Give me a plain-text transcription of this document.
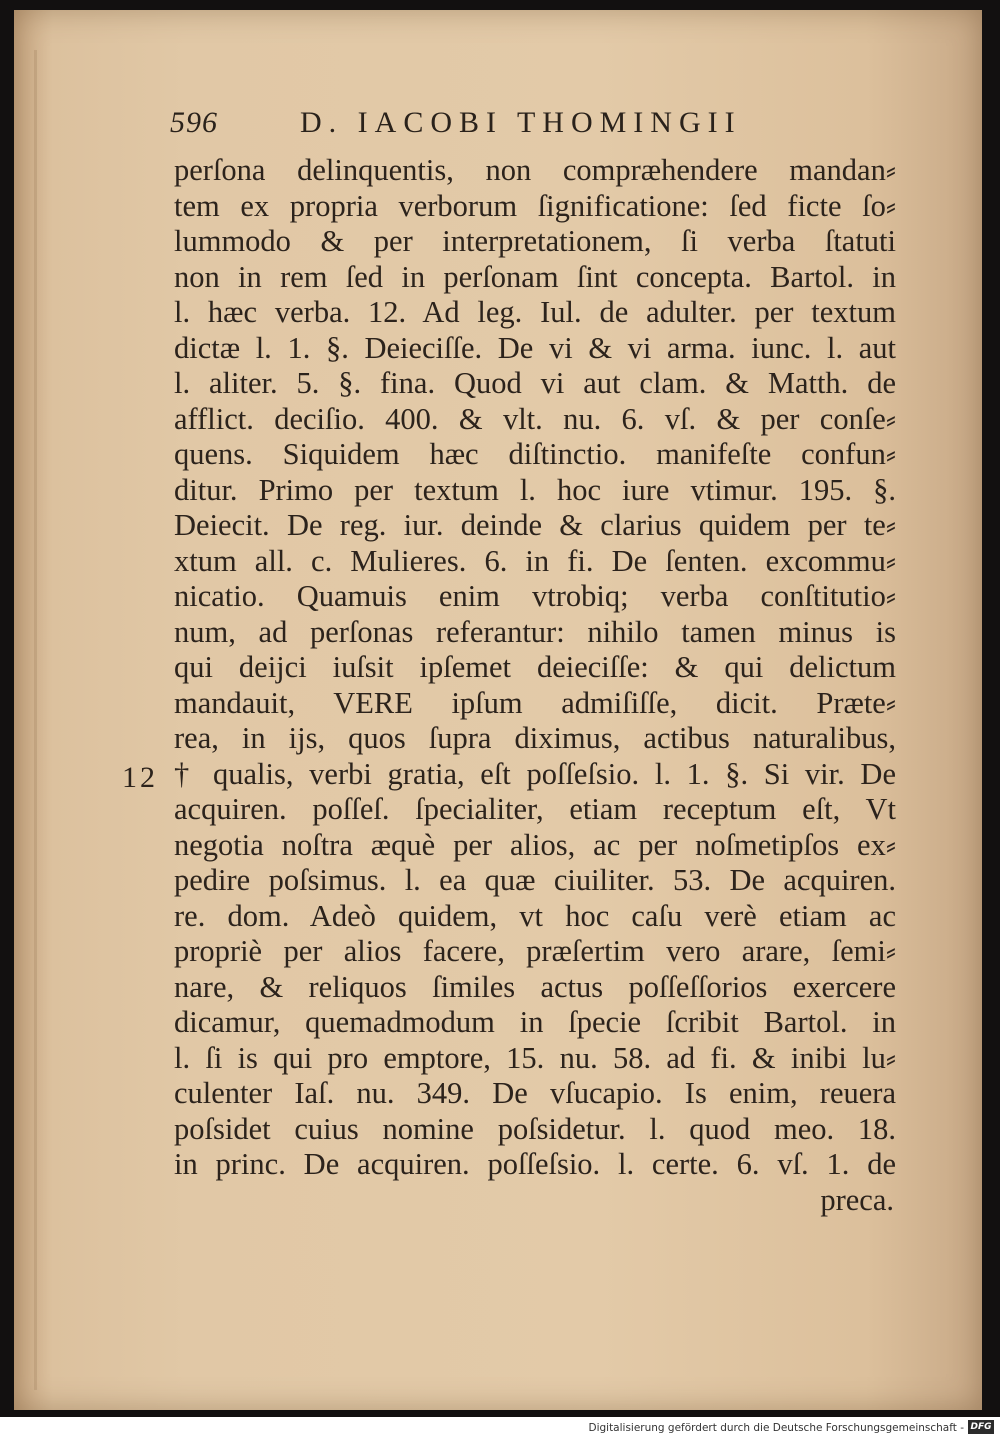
596	D. IACOBI THOMINGII
12
perſona delinquentis, non compræhendere mandan⸗
tem ex propria verborum ſignificatione: ſed ficte ſo⸗
lummodo & per interpretationem, ſi verba ſtatuti
non in rem ſed in perſonam ſint concepta. Bartol. in
l. hæc verba. 12. Ad leg. Iul. de adulter. per textum
dictæ l. 1. §. Deieciſſe. De vi & vi arma. iunc. l. aut
l. aliter. 5. §. fina. Quod vi aut clam. & Matth. de
afflict. deciſio. 400. & vlt. nu. 6. vſ. & per conſe⸗
quens. Siquidem hæc diſtinctio. manifeſte confun⸗
ditur. Primo per textum l. hoc iure vtimur. 195. §.
Deiecit. De reg. iur. deinde & clarius quidem per te⸗
xtum all. c. Mulieres. 6. in fi. De ſenten. excommu⸗
nicatio. Quamuis enim vtrobiq; verba conſtitutio⸗
num, ad perſonas referantur: nihilo tamen minus is
qui deijci iuſsit ipſemet deieciſſe: & qui delictum
mandauit, VERE ipſum admiſiſſe, dicit. Præte⸗
rea, in ijs, quos ſupra diximus, actibus naturalibus,
† qualis, verbi gratia, eſt poſſeſsio. l. 1. §. Si vir. De
acquiren. poſſeſ. ſpecialiter, etiam receptum eſt, Vt
negotia noſtra æquè per alios, ac per noſmetipſos ex⸗
pedire poſsimus. l. ea quæ ciuiliter. 53. De acquiren.
re. dom. Adeò quidem, vt hoc caſu verè etiam ac
propriè per alios facere, præſertim vero arare, ſemi⸗
nare, & reliquos ſimiles actus poſſeſſorios exercere
dicamur, quemadmodum in ſpecie ſcribit Bartol. in
l. ſi is qui pro emptore, 15. nu. 58. ad fi. & inibi lu⸗
culenter Iaſ. nu. 349. De vſucapio. Is enim, reuera
poſsidet cuius nomine poſsidetur. l. quod meo. 18.
in princ. De acquiren. poſſeſsio. l. certe. 6. vſ. 1. de
preca.
Digitalisierung gefördert durch die Deutsche Forschungsgemeinschaft - DFG
